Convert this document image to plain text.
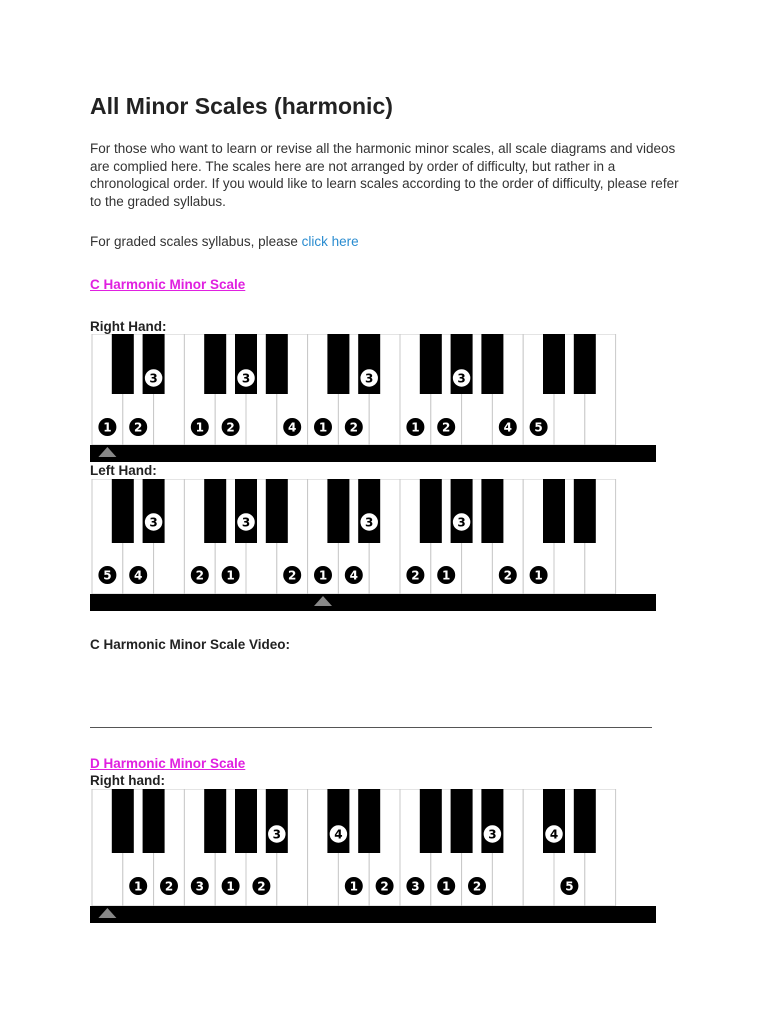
All Minor Scales (harmonic)

For those who want to learn or revise all the harmonic minor scales, all scale diagrams and videos are complied here. The scales here are not arranged by order of difficulty, but rather in a chronological order. If you would like to learn scales according to the order of difficulty, please refer to the graded syllabus.

For graded scales syllabus, please click here

C Harmonic Minor Scale

Right Hand:

1 2	1 2	4 1 2	1 2	4 5
3	3	3	3

Left Hand:

5 4	2 1	2 1 4	2 1	2 1
3	3	3	3

C Harmonic Minor Scale Video:

D Harmonic Minor Scale

Right hand:

1 2 3 1 2	1 2 3 1 2	5
3	4	3	4
